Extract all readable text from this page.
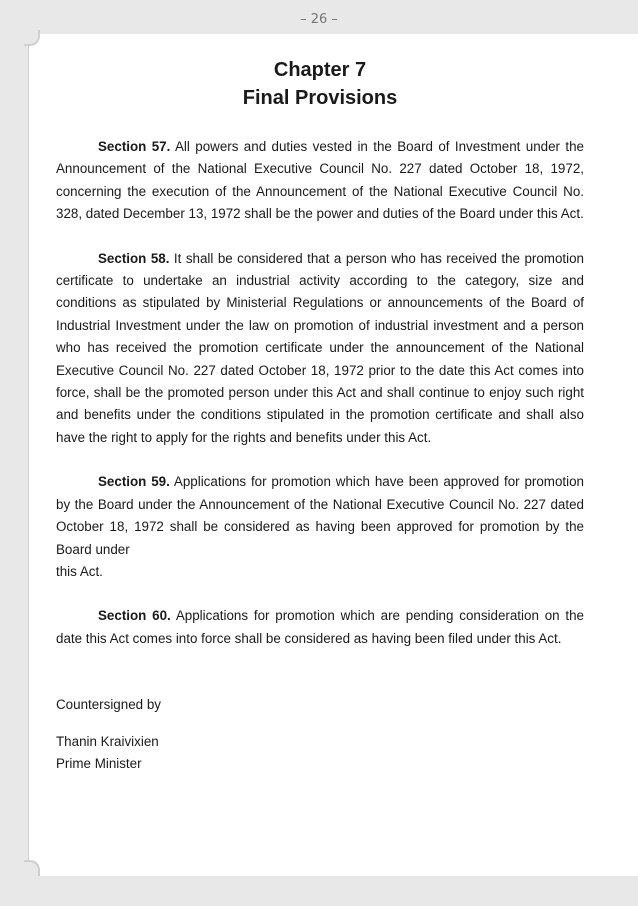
– 26 –

Chapter 7

Final Provisions

Section 57. All powers and duties vested in the Board of Investment under the Announcement of the National Executive Council No. 227 dated October 18, 1972, concerning the execution of the Announcement of the National Executive Council No. 328, dated December 13, 1972 shall be the power and duties of the Board under this Act.

Section 58. It shall be considered that a person who has received the promotion certificate to undertake an industrial activity according to the category, size and conditions as stipulated by Ministerial Regulations or announcements of the Board of Industrial Investment under the law on promotion of industrial investment and a person who has received the promotion certificate under the announcement of the National Executive Council No. 227 dated October 18, 1972 prior to the date this Act comes into force, shall be the promoted person under this Act and shall continue to enjoy such right and benefits under the conditions stipulated in the promotion certificate and shall also have the right to apply for the rights and benefits under this Act.

Section 59. Applications for promotion which have been approved for promotion by the Board under the Announcement of the National Executive Council No. 227 dated October 18, 1972 shall be considered as having been approved for promotion by the Board under

this Act.

Section 60. Applications for promotion which are pending consideration on the date this Act comes into force shall be considered as having been filed under this Act.

Countersigned by

Thanin Kraivixien

Prime Minister
